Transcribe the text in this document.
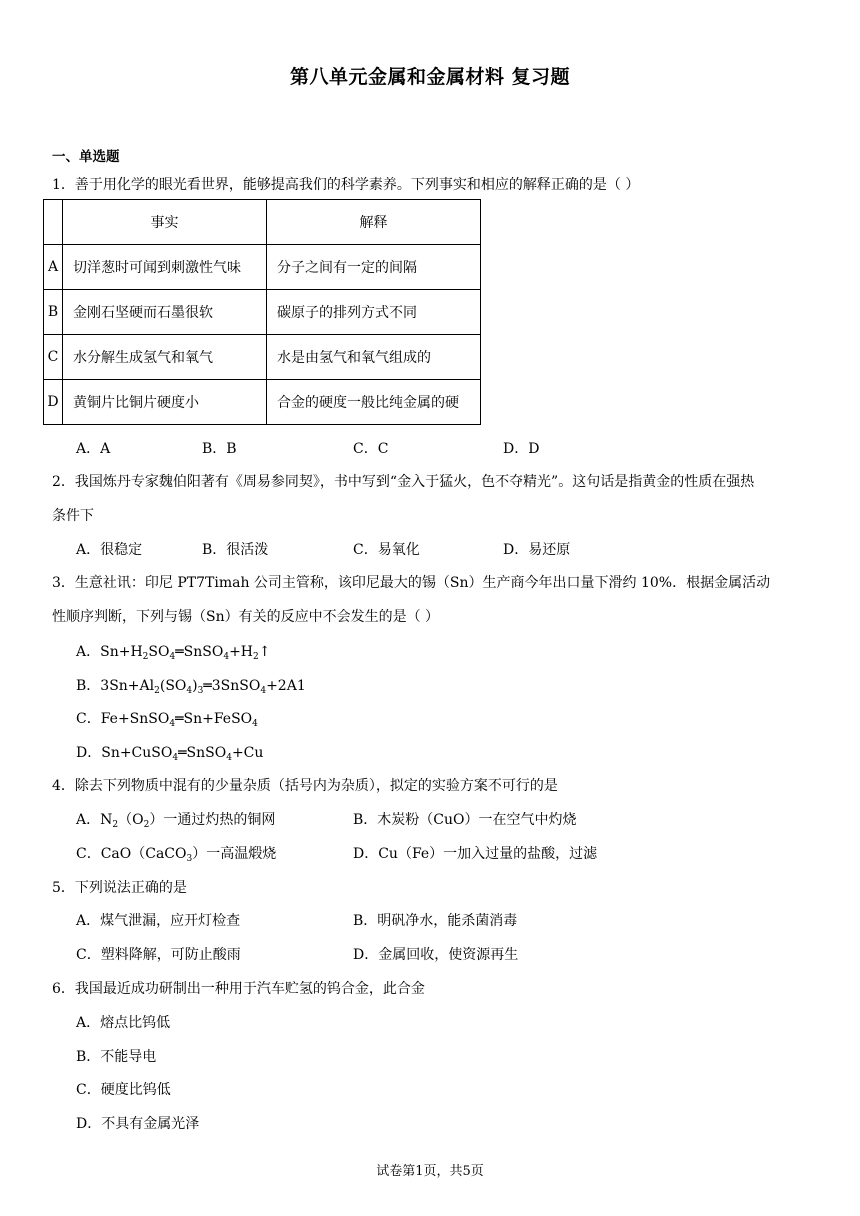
第八单元金属和金属材料 复习题
一、单选题
1．善于用化学的眼光看世界，能够提高我们的科学素养。下列事实和相应的解释正确的是（ ）
	事实	解释
A	切洋葱时可闻到刺激性气味	分子之间有一定的间隔
B	金刚石坚硬而石墨很软	碳原子的排列方式不同
C	水分解生成氢气和氧气	水是由氢气和氧气组成的
D	黄铜片比铜片硬度小	合金的硬度一般比纯金属的硬
A．A	B．B	C．C	D．D
2．我国炼丹专家魏伯阳著有《周易参同契》，书中写到“金入于猛火，色不夺精光”。这句话是指黄金的性质在强热
条件下
A．很稳定	B．很活泼	C．易氧化	D．易还原
3．生意社讯：印尼 PT7Timah 公司主管称，该印尼最大的锡（Sn）生产商今年出口量下滑约 10%．根据金属活动
性顺序判断，下列与锡（Sn）有关的反应中不会发生的是（ ）
A．$Sn+H_2SO_4═SnSO_4+H_2↑$
B．$3Sn+Al_2(SO_4)_3═3SnSO_4+2A1$
C．Fe+SnSO$_4$═Sn+FeSO$_4$
D．Sn+CuSO$_4$═SnSO$_4$+Cu
4．除去下列物质中混有的少量杂质（括号内为杂质），拟定的实验方案不可行的是
A．$N_2(O_2)$一通过灼热的铜网	B．木炭粉（CuO）一在空气中灼烧
C．CaO（CaCO$_3$）一高温煅烧	D．Cu（Fe）一加入过量的盐酸，过滤
5．下列说法正确的是
A．煤气泄漏，应开灯检查	B．明矾净水，能杀菌消毒
C．塑料降解，可防止酸雨	D．金属回收，使资源再生
6．我国最近成功研制出一种用于汽车贮氢的钨合金，此合金
A．熔点比钨低
B．不能导电
C．硬度比钨低
D．不具有金属光泽
试卷第1页，共5页
